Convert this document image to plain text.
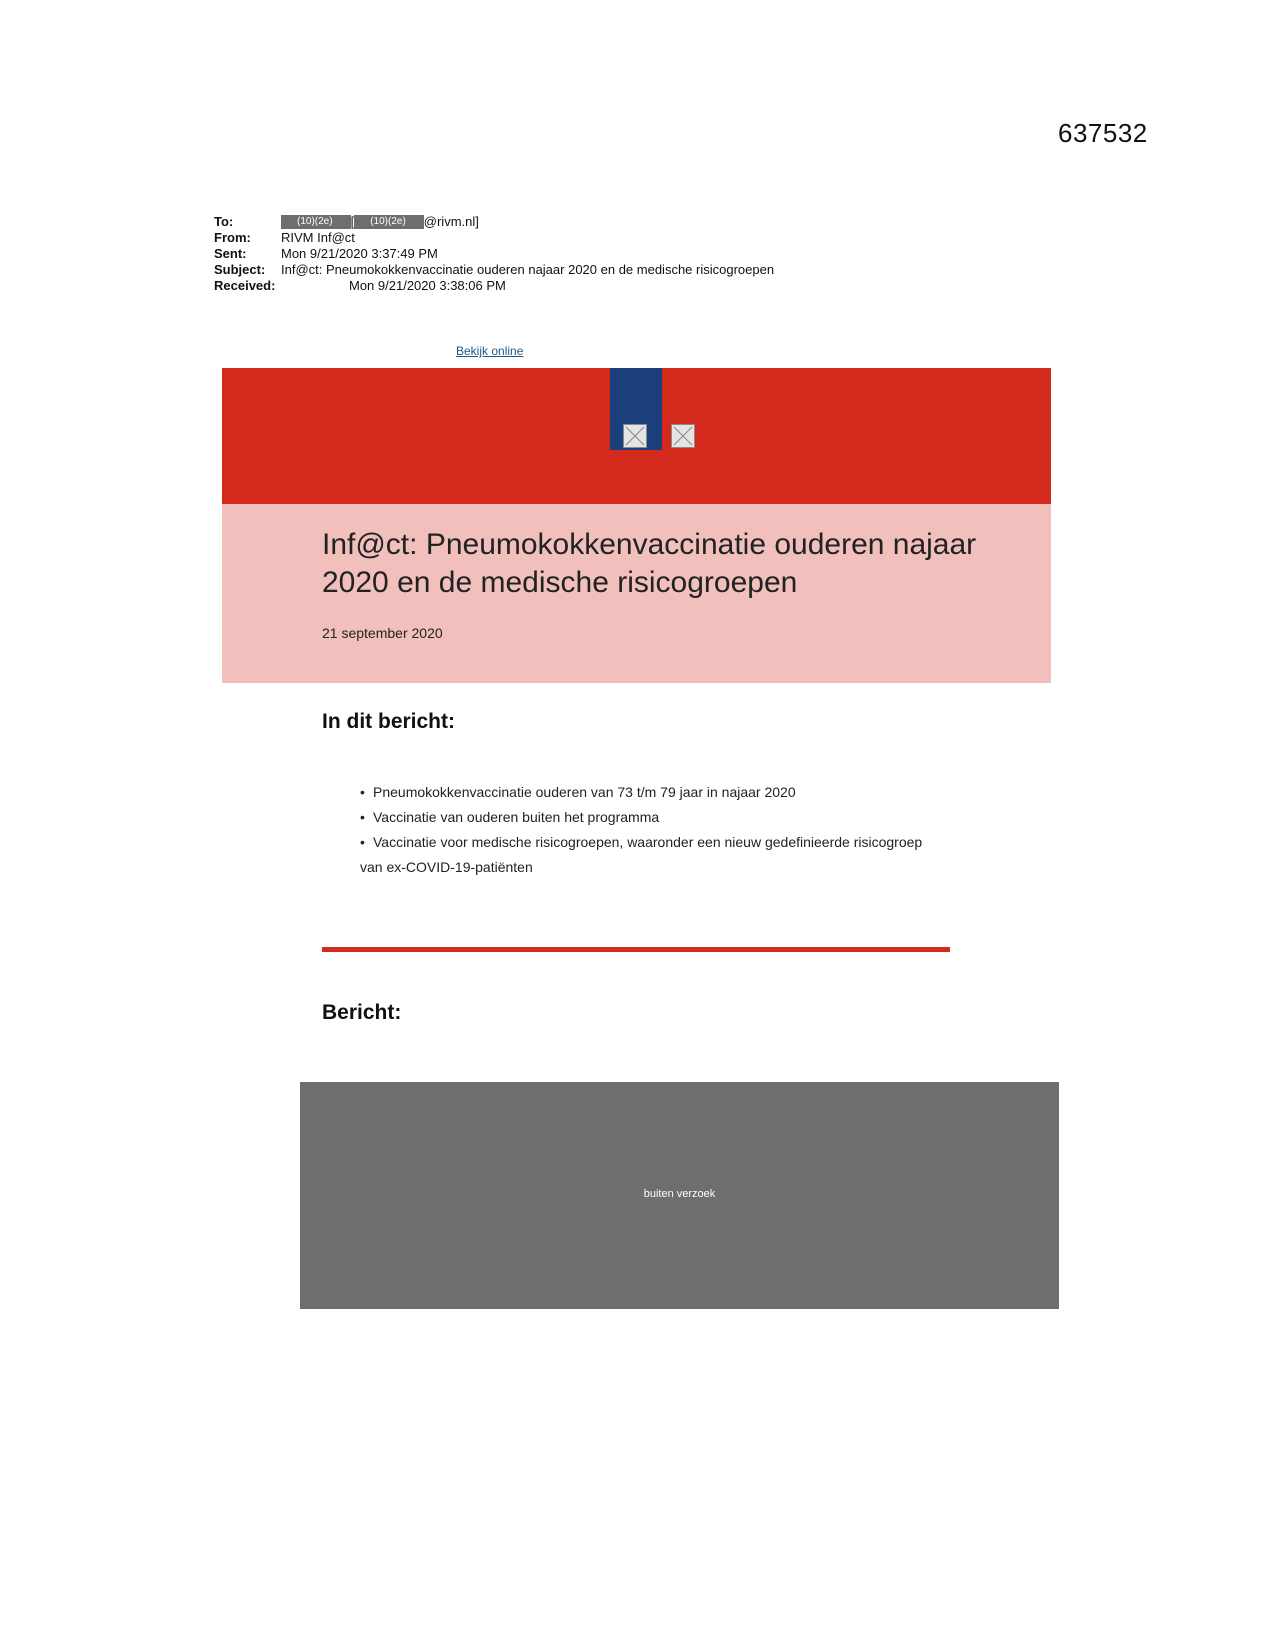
637532
To:	(10)(2e) [ (10)(2e) @rivm.nl]
From: RIVM Inf@ct
Sent:	Mon 9/21/2020 3:37:49 PM
Subject: Inf@ct: Pneumokokkenvaccinatie ouderen najaar 2020 en de medische risicogroepen
Received:	Mon 9/21/2020 3:38:06 PM
Bekijk online
Inf@ct: Pneumokokkenvaccinatie ouderen najaar 2020 en de medische risicogroepen
21 september 2020
In dit bericht:
• Pneumokokkenvaccinatie ouderen van 73 t/m 79 jaar in najaar 2020
• Vaccinatie van ouderen buiten het programma
• Vaccinatie voor medische risicogroepen, waaronder een nieuw gedefinieerde risicogroep
van ex-COVID-19-patiënten
Bericht:
buiten verzoek
